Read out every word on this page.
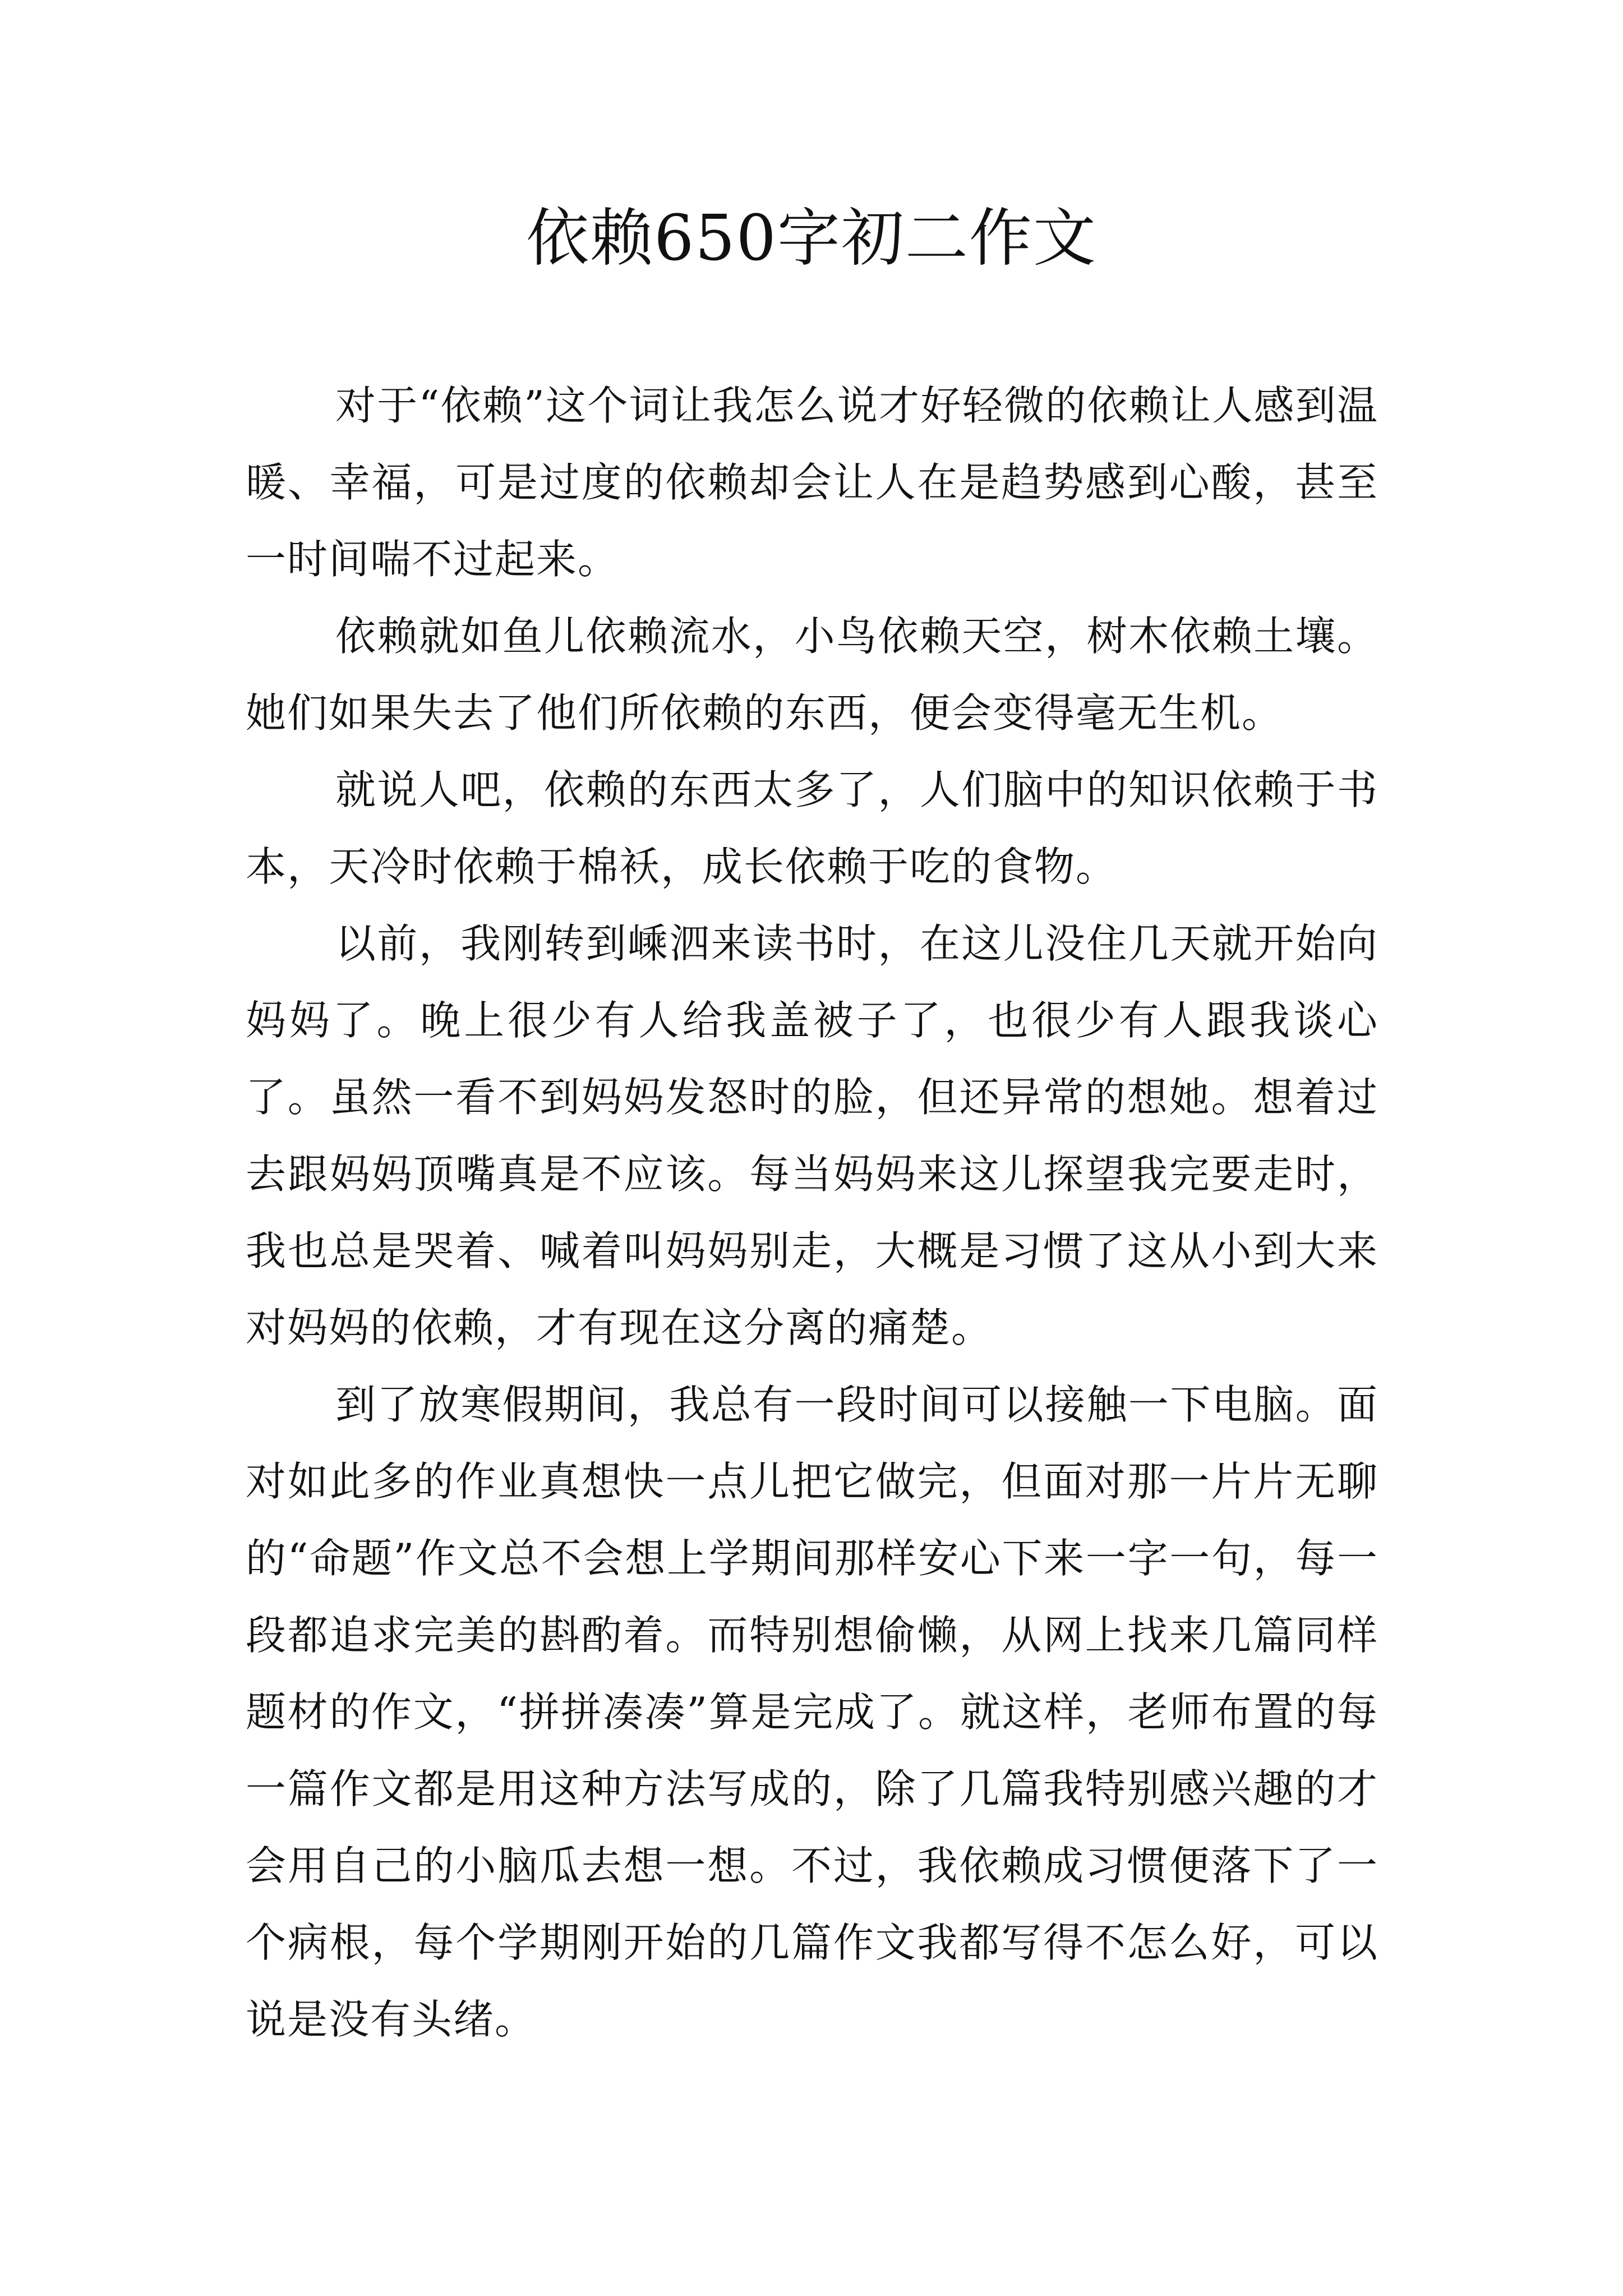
依赖650字初二作文

对于“依赖”这个词让我怎么说才好轻微的依赖让人感到温暖、幸福，可是过度的依赖却会让人在是趋势感到心酸，甚至一时间喘不过起来。

依赖就如鱼儿依赖流水，小鸟依赖天空，树木依赖土壤。她们如果失去了他们所依赖的东西，便会变得毫无生机。

就说人吧，依赖的东西太多了，人们脑中的知识依赖于书本，天冷时依赖于棉袄，成长依赖于吃的食物。

以前，我刚转到嵊泗来读书时，在这儿没住几天就开始向妈妈了。晚上很少有人给我盖被子了，也很少有人跟我谈心了。虽然一看不到妈妈发怒时的脸，但还异常的想她。想着过去跟妈妈顶嘴真是不应该。每当妈妈来这儿探望我完要走时，我也总是哭着、喊着叫妈妈别走，大概是习惯了这从小到大来对妈妈的依赖，才有现在这分离的痛楚。

到了放寒假期间，我总有一段时间可以接触一下电脑。面对如此多的作业真想快一点儿把它做完，但面对那一片片无聊的“命题”作文总不会想上学期间那样安心下来一字一句，每一段都追求完美的斟酌着。而特别想偷懒，从网上找来几篇同样题材的作文，“拼拼凑凑”算是完成了。就这样，老师布置的每一篇作文都是用这种方法写成的，除了几篇我特别感兴趣的才会用自己的小脑瓜去想一想。不过，我依赖成习惯便落下了一个病根，每个学期刚开始的几篇作文我都写得不怎么好，可以说是没有头绪。
